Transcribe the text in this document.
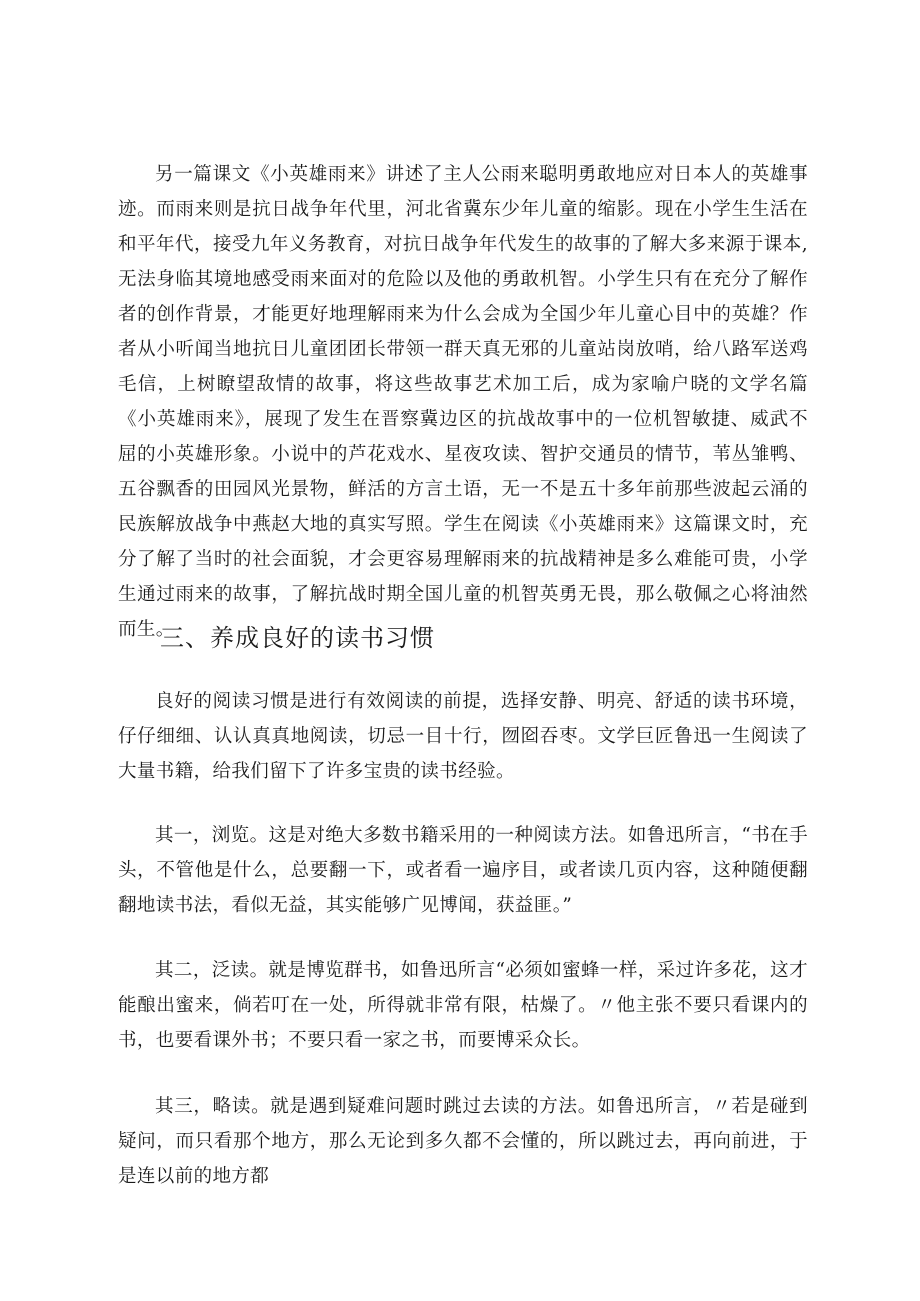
另一篇课文《小英雄雨来》讲述了主人公雨来聪明勇敢地应对日本人的英雄事迹。而雨来则是抗日战争年代里，河北省冀东少年儿童的缩影。现在小学生生活在和平年代，接受九年义务教育，对抗日战争年代发生的故事的了解大多来源于课本,无法身临其境地感受雨来面对的危险以及他的勇敢机智。小学生只有在充分了解作者的创作背景，才能更好地理解雨来为什么会成为全国少年儿童心目中的英雄？作者从小听闻当地抗日儿童团团长带领一群天真无邪的儿童站岗放哨，给八路军送鸡毛信，上树瞭望敌情的故事，将这些故事艺术加工后，成为家喻户晓的文学名篇《小英雄雨来》，展现了发生在晋察冀边区的抗战故事中的一位机智敏捷、威武不屈的小英雄形象。小说中的芦花戏水、星夜攻读、智护交通员的情节，苇丛雏鸭、五谷飘香的田园风光景物，鲜活的方言土语，无一不是五十多年前那些波起云涌的民族解放战争中燕赵大地的真实写照。学生在阅读《小英雄雨来》这篇课文时，充分了解了当时的社会面貌，才会更容易理解雨来的抗战精神是多么难能可贵，小学生通过雨来的故事，了解抗战时期全国儿童的机智英勇无畏，那么敬佩之心将油然而生。

三、养成良好的读书习惯

良好的阅读习惯是进行有效阅读的前提，选择安静、明亮、舒适的读书环境，仔仔细细、认认真真地阅读，切忌一目十行，囫囵吞枣。文学巨匠鲁迅一生阅读了大量书籍，给我们留下了许多宝贵的读书经验。

其一，浏览。这是对绝大多数书籍采用的一种阅读方法。如鲁迅所言，“书在手头，不管他是什么，总要翻一下，或者看一遍序目，或者读几页内容，这种随便翻翻地读书法，看似无益，其实能够广见博闻，获益匪。”

其二，泛读。就是博览群书，如鲁迅所言“必须如蜜蜂一样，采过许多花，这才能酿出蜜来，倘若叮在一处，所得就非常有限，枯燥了。〃他主张不要只看课内的书，也要看课外书；不要只看一家之书，而要博采众长。

其三，略读。就是遇到疑难问题时跳过去读的方法。如鲁迅所言，〃若是碰到疑问，而只看那个地方，那么无论到多久都不会懂的，所以跳过去，再向前进，于是连以前的地方都
